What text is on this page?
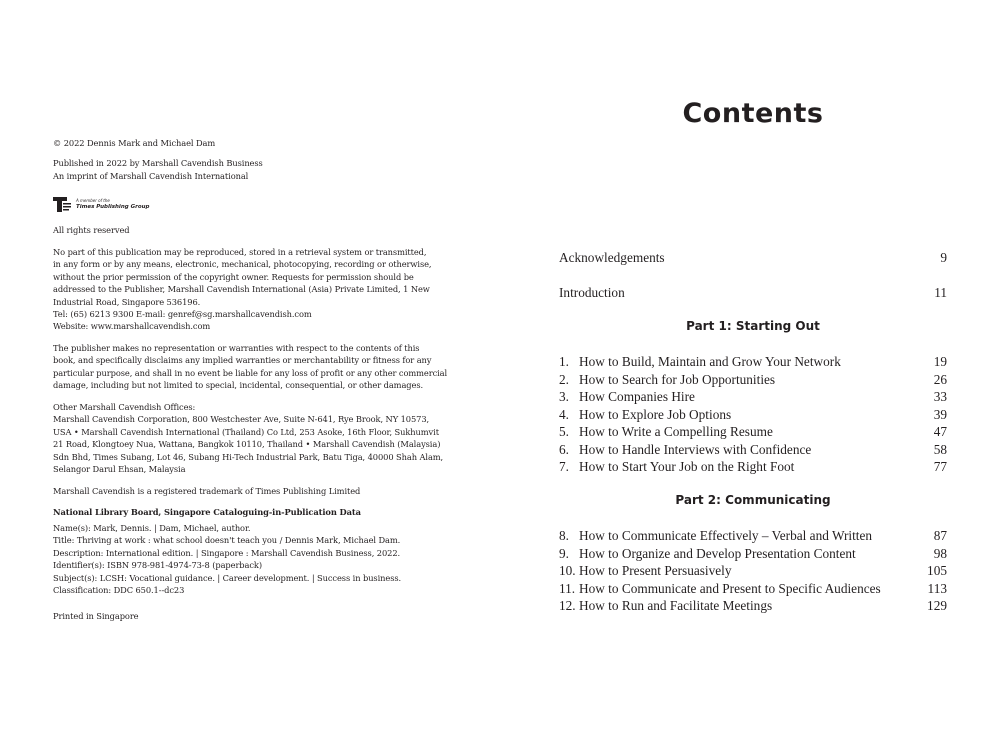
A member of the
Times Publishing Group
Contents
© 2022 Dennis Mark and Michael Dam
Published in 2022 by Marshall Cavendish Business
An imprint of Marshall Cavendish International
All rights reserved
No part of this publication may be reproduced, stored in a retrieval system or transmitted,
in any form or by any means, electronic, mechanical, photocopying, recording or otherwise,
without the prior permission of the copyright owner. Requests for permission should be
addressed to the Publisher, Marshall Cavendish International (Asia) Private Limited, 1 New
Industrial Road, Singapore 536196.
Tel: (65) 6213 9300 E-mail: genref@sg.marshallcavendish.com
Website: www.marshallcavendish.com
The publisher makes no representation or warranties with respect to the contents of this
book, and specifically disclaims any implied warranties or merchantability or fitness for any
particular purpose, and shall in no event be liable for any loss of profit or any other commercial
damage, including but not limited to special, incidental, consequential, or other damages.
Other Marshall Cavendish Offices:
Marshall Cavendish Corporation, 800 Westchester Ave, Suite N-641, Rye Brook, NY 10573,
USA • Marshall Cavendish International (Thailand) Co Ltd, 253 Asoke, 16th Floor, Sukhumvit
21 Road, Klongtoey Nua, Wattana, Bangkok 10110, Thailand • Marshall Cavendish (Malaysia)
Sdn Bhd, Times Subang, Lot 46, Subang Hi-Tech Industrial Park, Batu Tiga, 40000 Shah Alam,
Selangor Darul Ehsan, Malaysia
Marshall Cavendish is a registered trademark of Times Publishing Limited
National Library Board, Singapore Cataloguing-in-Publication Data
Name(s): Mark, Dennis. | Dam, Michael, author.
Title: Thriving at work : what school doesn't teach you / Dennis Mark, Michael Dam.
Description: International edition. | Singapore : Marshall Cavendish Business, 2022.
Identifier(s): ISBN 978-981-4974-73-8 (paperback)
Subject(s): LCSH: Vocational guidance. | Career development. | Success in business.
Classification: DDC 650.1--dc23
Printed in Singapore
Acknowledgements	9
Introduction	11
Part 1: Starting Out
1. How to Build, Maintain and Grow Your Network	19
2. How to Search for Job Opportunities	26
3. How Companies Hire	33
4. How to Explore Job Options	39
5. How to Write a Compelling Resume	47
6. How to Handle Interviews with Confidence	58
7. How to Start Your Job on the Right Foot	77
Part 2: Communicating
8. How to Communicate Effectively – Verbal and Written	87
9. How to Organize and Develop Presentation Content	98
10. How to Present Persuasively	105
11. How to Communicate and Present to Specific Audiences	113
12. How to Run and Facilitate Meetings	129
